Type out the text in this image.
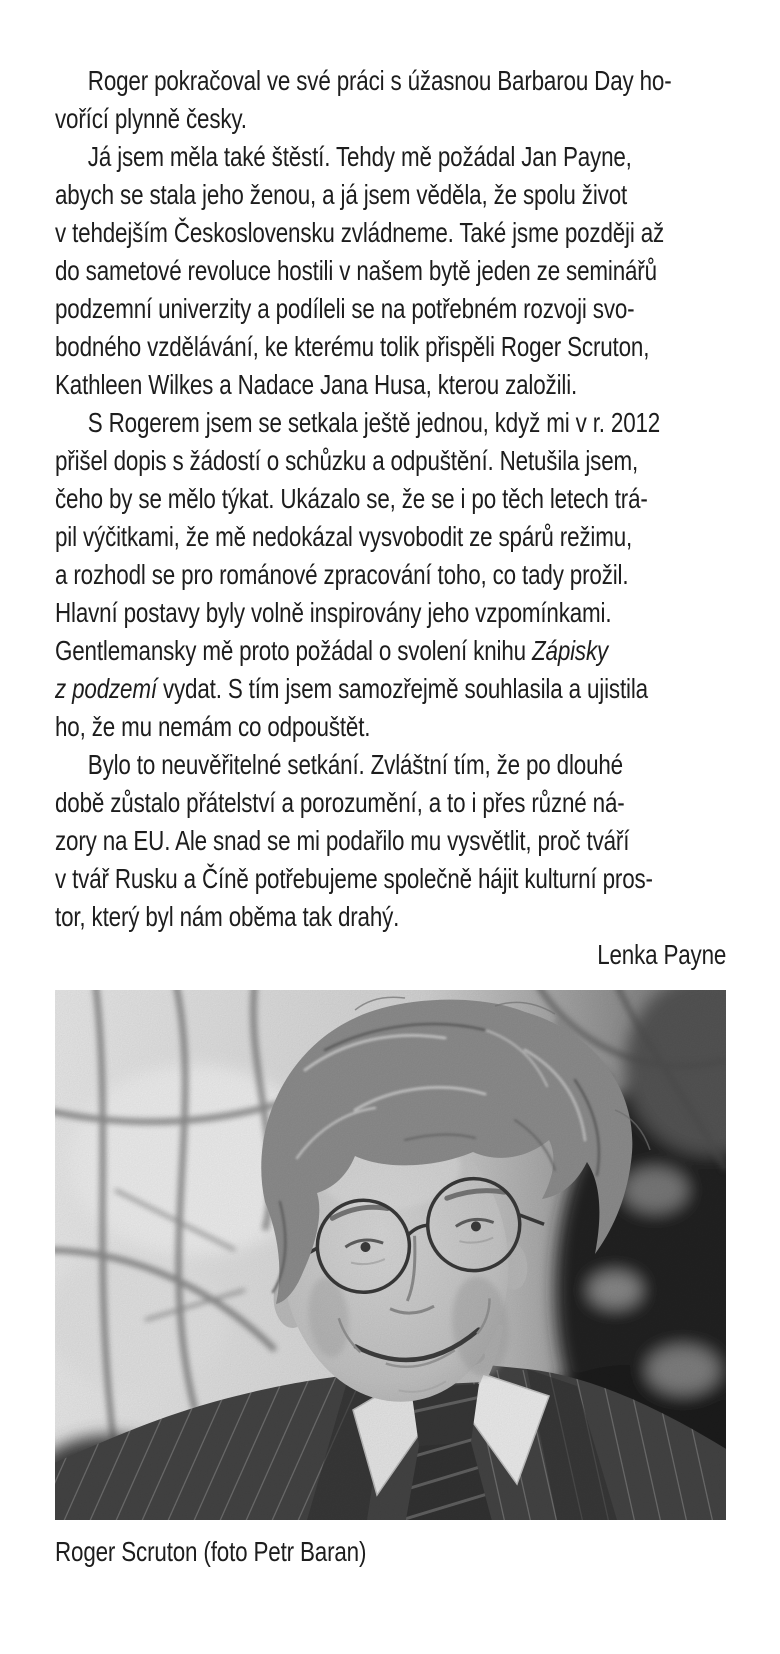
Roger pokračoval ve své práci s úžasnou Barbarou Day ho-
vořící plynně česky.
Já jsem měla také štěstí. Tehdy mě požádal Jan Payne,
abych se stala jeho ženou, a já jsem věděla, že spolu život
v tehdejším Československu zvládneme. Také jsme později až
do sametové revoluce hostili v našem bytě jeden ze seminářů
podzemní univerzity a podíleli se na potřebném rozvoji svo-
bodného vzdělávání, ke kterému tolik přispěli Roger Scruton,
Kathleen Wilkes a Nadace Jana Husa, kterou založili.
S Rogerem jsem se setkala ještě jednou, když mi v r. 2012
přišel dopis s žádostí o schůzku a odpuštění. Netušila jsem,
čeho by se mělo týkat. Ukázalo se, že se i po těch letech trá-
pil výčitkami, že mě nedokázal vysvobodit ze spárů režimu,
a rozhodl se pro románové zpracování toho, co tady prožil.
Hlavní postavy byly volně inspirovány jeho vzpomínkami.
Gentlemansky mě proto požádal o svolení knihu Zápisky
z podzemí vydat. S tím jsem samozřejmě souhlasila a ujistila
ho, že mu nemám co odpouštět.
Bylo to neuvěřitelné setkání. Zvláštní tím, že po dlouhé
době zůstalo přátelství a porozumění, a to i přes různé ná-
zory na EU. Ale snad se mi podařilo mu vysvětlit, proč tváří
v tvář Rusku a Číně potřebujeme společně hájit kulturní pros-
tor, který byl nám oběma tak drahý.
Lenka Payne
Roger Scruton (foto Petr Baran)
